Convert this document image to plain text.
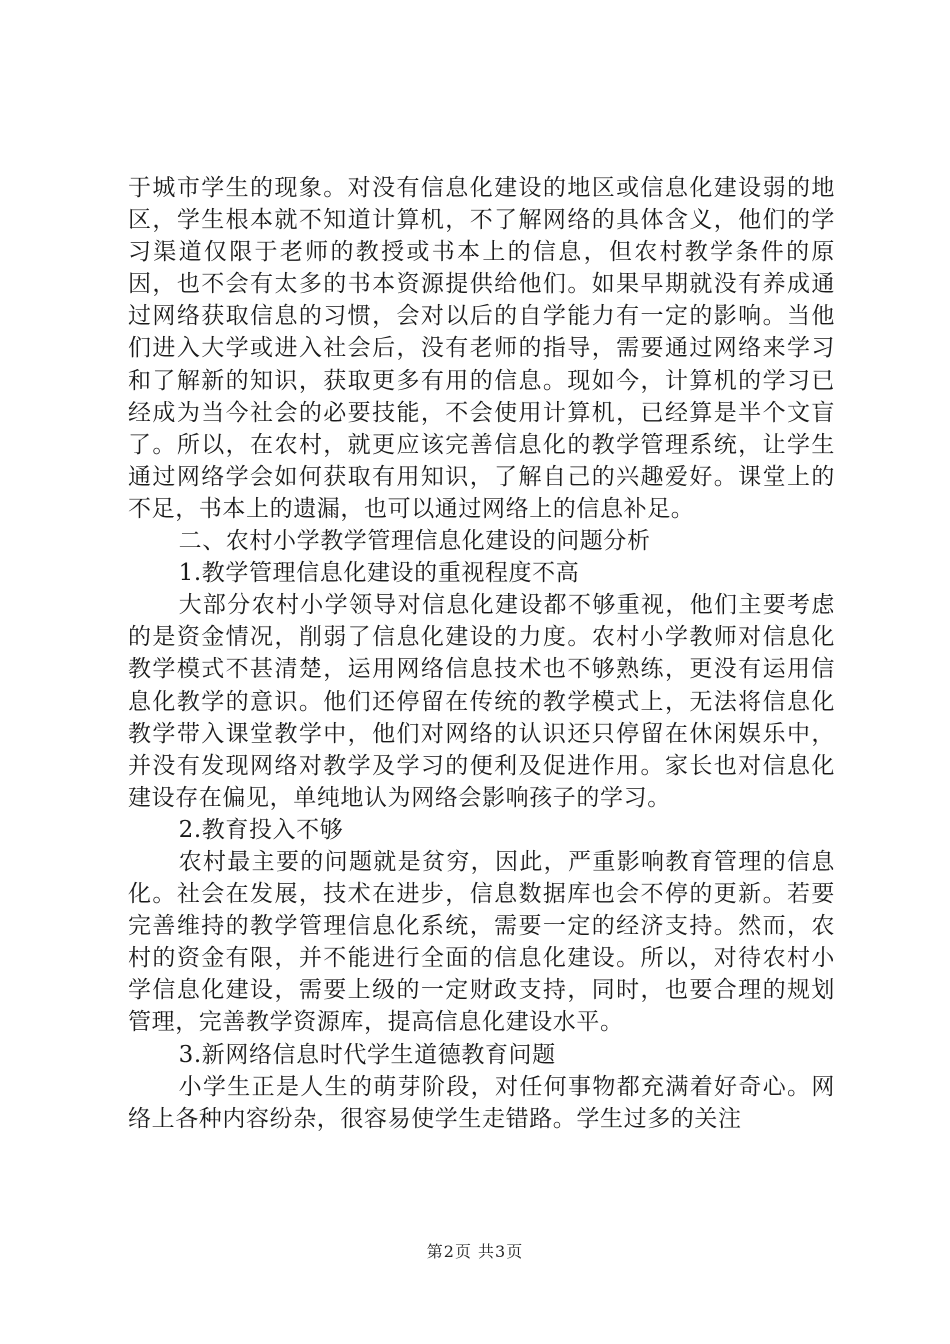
于城市学生的现象。对没有信息化建设的地区或信息化建设弱的地区，学生根本就不知道计算机，不了解网络的具体含义，他们的学习渠道仅限于老师的教授或书本上的信息，但农村教学条件的原因，也不会有太多的书本资源提供给他们。如果早期就没有养成通过网络获取信息的习惯，会对以后的自学能力有一定的影响。当他们进入大学或进入社会后，没有老师的指导，需要通过网络来学习和了解新的知识，获取更多有用的信息。现如今，计算机的学习已经成为当今社会的必要技能，不会使用计算机，已经算是半个文盲了。所以，在农村，就更应该完善信息化的教学管理系统，让学生通过网络学会如何获取有用知识，了解自己的兴趣爱好。课堂上的不足，书本上的遗漏，也可以通过网络上的信息补足。

二、农村小学教学管理信息化建设的问题分析

1.教学管理信息化建设的重视程度不高

大部分农村小学领导对信息化建设都不够重视，他们主要考虑的是资金情况，削弱了信息化建设的力度。农村小学教师对信息化教学模式不甚清楚，运用网络信息技术也不够熟练，更没有运用信息化教学的意识。他们还停留在传统的教学模式上，无法将信息化教学带入课堂教学中，他们对网络的认识还只停留在休闲娱乐中，并没有发现网络对教学及学习的便利及促进作用。家长也对信息化建设存在偏见，单纯地认为网络会影响孩子的学习。

2.教育投入不够

农村最主要的问题就是贫穷，因此，严重影响教育管理的信息化。社会在发展，技术在进步，信息数据库也会不停的更新。若要完善维持的教学管理信息化系统，需要一定的经济支持。然而，农村的资金有限，并不能进行全面的信息化建设。所以，对待农村小学信息化建设，需要上级的一定财政支持，同时，也要合理的规划管理，完善教学资源库，提高信息化建设水平。

3.新网络信息时代学生道德教育问题

小学生正是人生的萌芽阶段，对任何事物都充满着好奇心。网络上各种内容纷杂，很容易使学生走错路。学生过多的关注

第2页 共3页
